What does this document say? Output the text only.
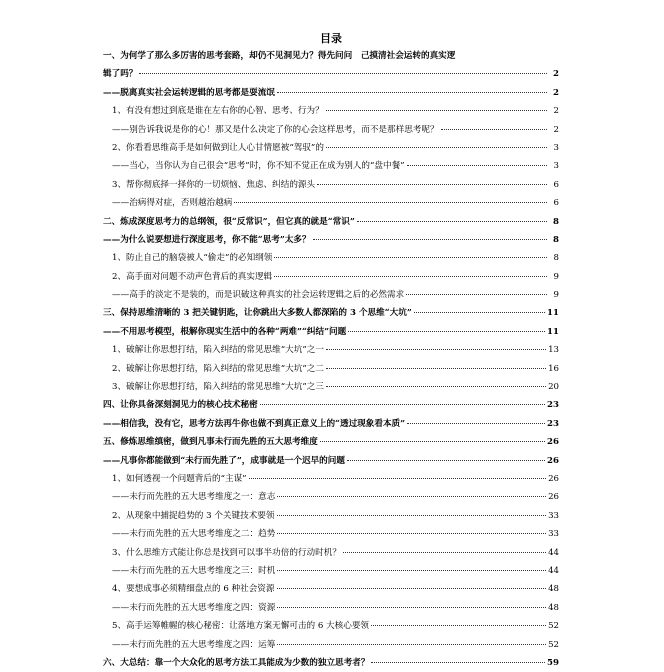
目录
一、为何学了那么多厉害的思考套路，却仍不见洞见力？得先问问　己摸清社会运转的真实逻
辑了吗？	2
——脱离真实社会运转逻辑的思考都是耍流氓	2
1、有没有想过到底是谁在左右你的心智、思考、行为？	2
——别告诉我说是你的心！那又是什么决定了你的心会这样思考，而不是那样思考呢？	2
2、你看看思维高手是如何做到让人心甘情愿被“驾驭”的	3
——当心，当你认为自己很会“思考”时，你不知不觉正在成为别人的“盘中餐”	3
3、帮你彻底择一择你的一切烦恼、焦虑、纠结的源头	6
——治病得对症，否则越治越病	6
二、炼成深度思考力的总纲领，很“反常识”，但它真的就是“常识”	8
——为什么说要想进行深度思考，你不能“思考”太多？	8
1、防止自己的脑袋被人“偷走”的必知纲领	8
2、高手面对问题不动声色背后的真实逻辑	9
——高手的淡定不是装的，而是识破这种真实的社会运转逻辑之后的必然需求	9
三、保持思维清晰的 3 把关键钥匙，让你跳出大多数人都深陷的 3 个思维“大坑”	11
——不用思考模型，根解你现实生活中的各种“两难”“纠结”问题	11
1、破解让你思想打结，陷入纠结的常见思维“大坑”之一	13
2、破解让你思想打结，陷入纠结的常见思维“大坑”之二	16
3、破解让你思想打结，陷入纠结的常见思维“大坑”之三	20
四、让你具备深刻洞见力的核心技术秘密	23
——相信我，没有它，思考方法再牛你也做不到真正意义上的“透过现象看本质”	23
五、修炼思维缜密，做到凡事未行而先胜的五大思考维度	26
——凡事你都能做到“未行而先胜了”，成事就是一个迟早的问题	26
1、如何透视一个问题背后的“主谋”	26
——未行而先胜的五大思考维度之一：意志	26
2、从现象中捕捉趋势的 3 个关键技术要领	33
——未行而先胜的五大思考维度之二：趋势	33
3、什么思维方式能让你总是找到可以事半功倍的行动时机？	44
——未行而先胜的五大思考维度之三：时机	44
4、要想成事必须精细盘点的 6 种社会资源	48
——未行而先胜的五大思考维度之四：资源	48
5、高手运筹帷幄的核心秘密：让落地方案无懈可击的 6 大核心要领	52
——未行而先胜的五大思考维度之四：运筹	52
六、大总结：靠一个大众化的思考方法工具能成为少数的独立思考者？	59
